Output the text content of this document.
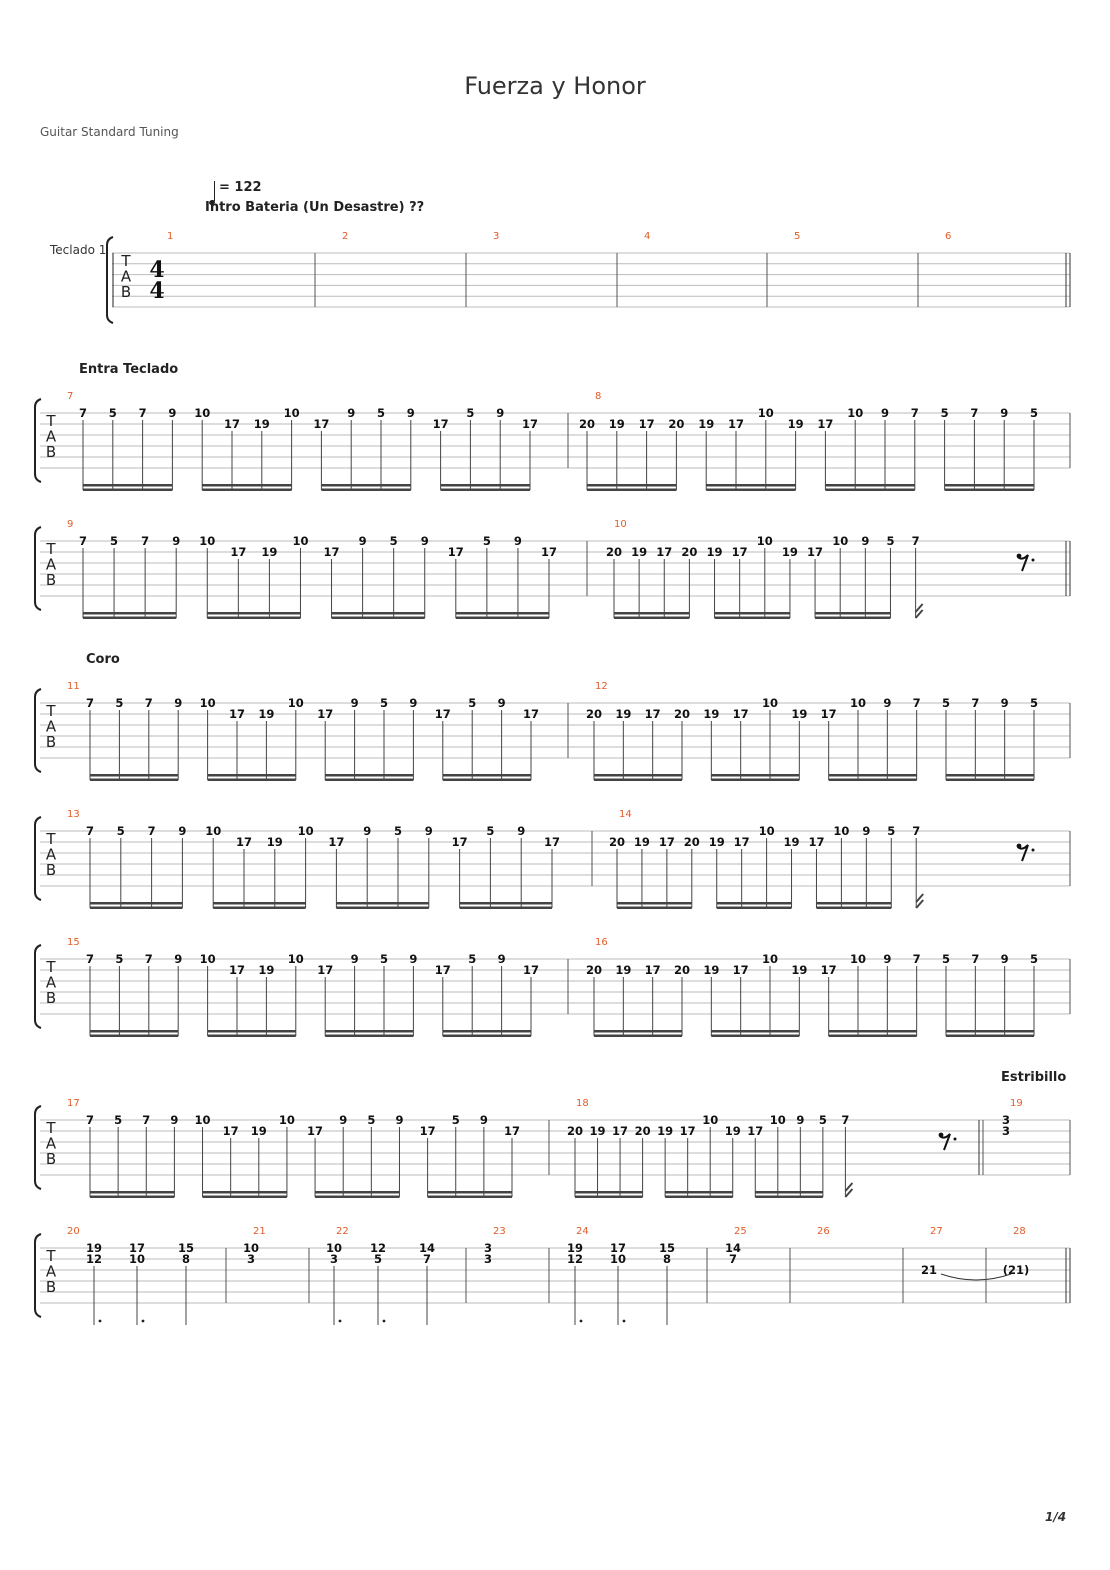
Fuerza y Honor
Guitar Standard Tuning
= 122
Teclado 1
1/4
Intro Bateria (Un Desastre) ??
Entra Teclado
Coro
Estribillo
T
A
B
4
4
1	2	3	4	5	6
T
A
B
7
7 5 7 9 10
17 19
10
17
9 5 9
17
5 9
17
8
20 19 17 20 19 17
10
19 17
10 9 7 5 7 9 5
T
A
B
9
7 5 7 9 10
17 19
10
17
9 5 9
17
5 9
17
10
20 19 17 20 19 17
10
19 17
10 9 5 7
T
A
B
11
7 5 7 9 10
17 19
10
17
9 5 9
17
5 9
17
12
20 19 17 20 19 17
10
19 17
10 9 7 5 7 9 5
T
A
B
13
7 5 7 9 10
17 19
10
17
9 5 9
17
5 9
17
14
20 19 17 20 19 17
10
19 17
10 9 5 7
T
A
B
15
7 5 7 9 10
17 19
10
17
9 5 9
17
5 9
17
16
20 19 17 20 19 17
10
19 17
10 9 7 5 7 9 5
T
A
B
17
7 5 7 9 10
17 19
10
17
9 5 9
17
5 9
17
18
20 19 17 20 19 17
10
19 17
10 9 5 7
19
3
3
T
A
B
20
19
12
17
10
15
8
21
10
3
22
10
3
12
5
14
7
23
3
3
24
19
12
17
10
15
8
25
14
7
26	27
21
28
(21)
